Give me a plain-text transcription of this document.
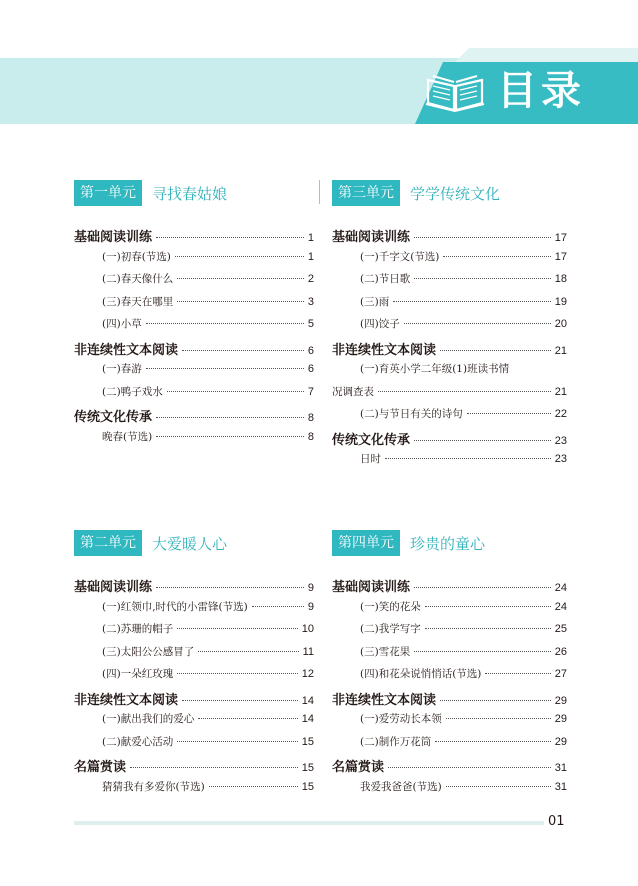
目录
第一单元	寻找春姑娘
基础阅读训练	1
(一)初春(节选)	1
(二)春天像什么	2
(三)春天在哪里	3
(四)小草	5
非连续性文本阅读	6
(一)春游	6
(二)鸭子戏水	7
传统文化传承	8
晚春(节选)	8
第三单元	学学传统文化
基础阅读训练	17
(一)千字文(节选)	17
(二)节日歌	18
(三)雨	19
(四)饺子	20
非连续性文本阅读	21
(一)育英小学二年级(1)班读书情
况调查表	21
(二)与节日有关的诗句	22
传统文化传承	23
日时	23
第二单元	大爱暖人心
基础阅读训练	9
(一)红领巾,时代的小雷锋(节选)	9
(二)苏珊的帽子	10
(三)太阳公公感冒了	11
(四)一朵红玫瑰	12
非连续性文本阅读	14
(一)献出我们的爱心	14
(二)献爱心活动	15
名篇赏读	15
猜猜我有多爱你(节选)	15
第四单元	珍贵的童心
基础阅读训练	24
(一)笑的花朵	24
(二)我学写字	25
(三)雪花果	26
(四)和花朵说悄悄话(节选)	27
非连续性文本阅读	29
(一)爱劳动长本领	29
(二)制作万花筒	29
名篇赏读	31
我爱我爸爸(节选)	31
01
